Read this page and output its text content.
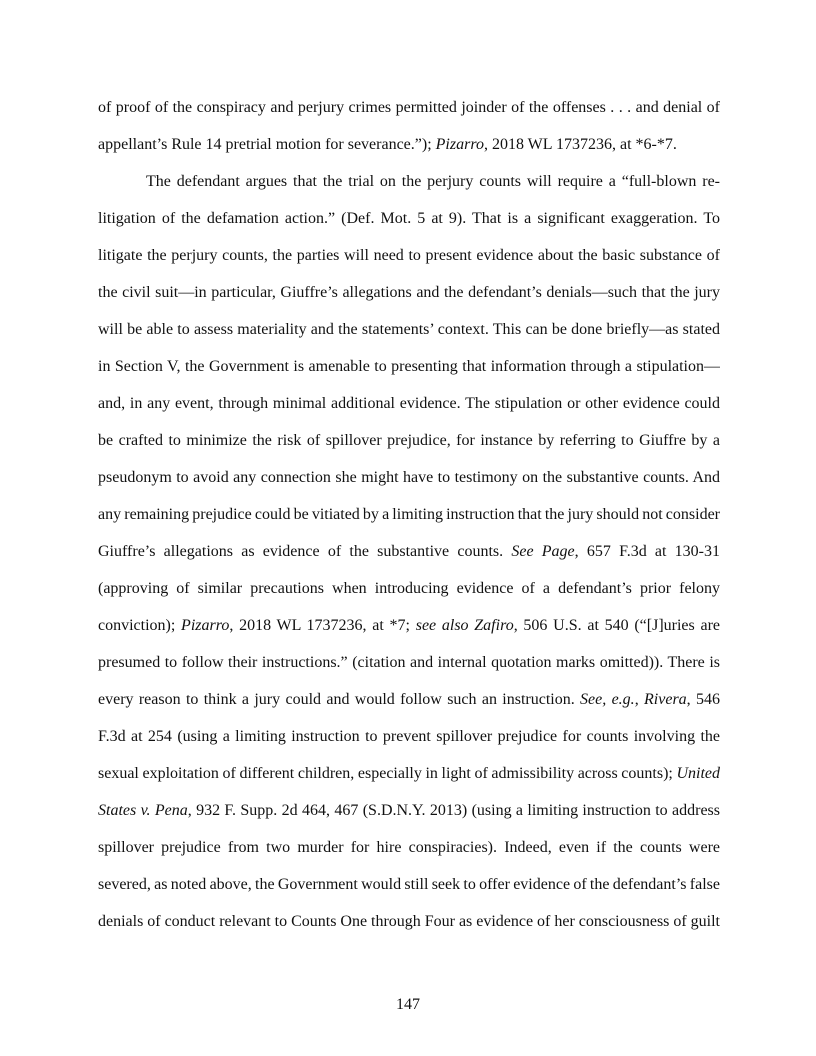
of proof of the conspiracy and perjury crimes permitted joinder of the offenses . . . and denial of
appellant’s Rule 14 pretrial motion for severance.”); Pizarro, 2018 WL 1737236, at *6-*7.
The defendant argues that the trial on the perjury counts will require a “full-blown re-
litigation of the defamation action.” (Def. Mot. 5 at 9). That is a significant exaggeration. To
litigate the perjury counts, the parties will need to present evidence about the basic substance of
the civil suit—in particular, Giuffre’s allegations and the defendant’s denials—such that the jury
will be able to assess materiality and the statements’ context. This can be done briefly—as stated
in Section V, the Government is amenable to presenting that information through a stipulation—
and, in any event, through minimal additional evidence. The stipulation or other evidence could
be crafted to minimize the risk of spillover prejudice, for instance by referring to Giuffre by a
pseudonym to avoid any connection she might have to testimony on the substantive counts. And
any remaining prejudice could be vitiated by a limiting instruction that the jury should not consider
Giuffre’s allegations as evidence of the substantive counts. See Page, 657 F.3d at 130-31
(approving of similar precautions when introducing evidence of a defendant’s prior felony
conviction); Pizarro, 2018 WL 1737236, at *7; see also Zafiro, 506 U.S. at 540 (“[J]uries are
presumed to follow their instructions.” (citation and internal quotation marks omitted)). There is
every reason to think a jury could and would follow such an instruction. See, e.g., Rivera, 546
F.3d at 254 (using a limiting instruction to prevent spillover prejudice for counts involving the
sexual exploitation of different children, especially in light of admissibility across counts); United
States v. Pena, 932 F. Supp. 2d 464, 467 (S.D.N.Y. 2013) (using a limiting instruction to address
spillover prejudice from two murder for hire conspiracies). Indeed, even if the counts were
severed, as noted above, the Government would still seek to offer evidence of the defendant’s false
denials of conduct relevant to Counts One through Four as evidence of her consciousness of guilt
147
